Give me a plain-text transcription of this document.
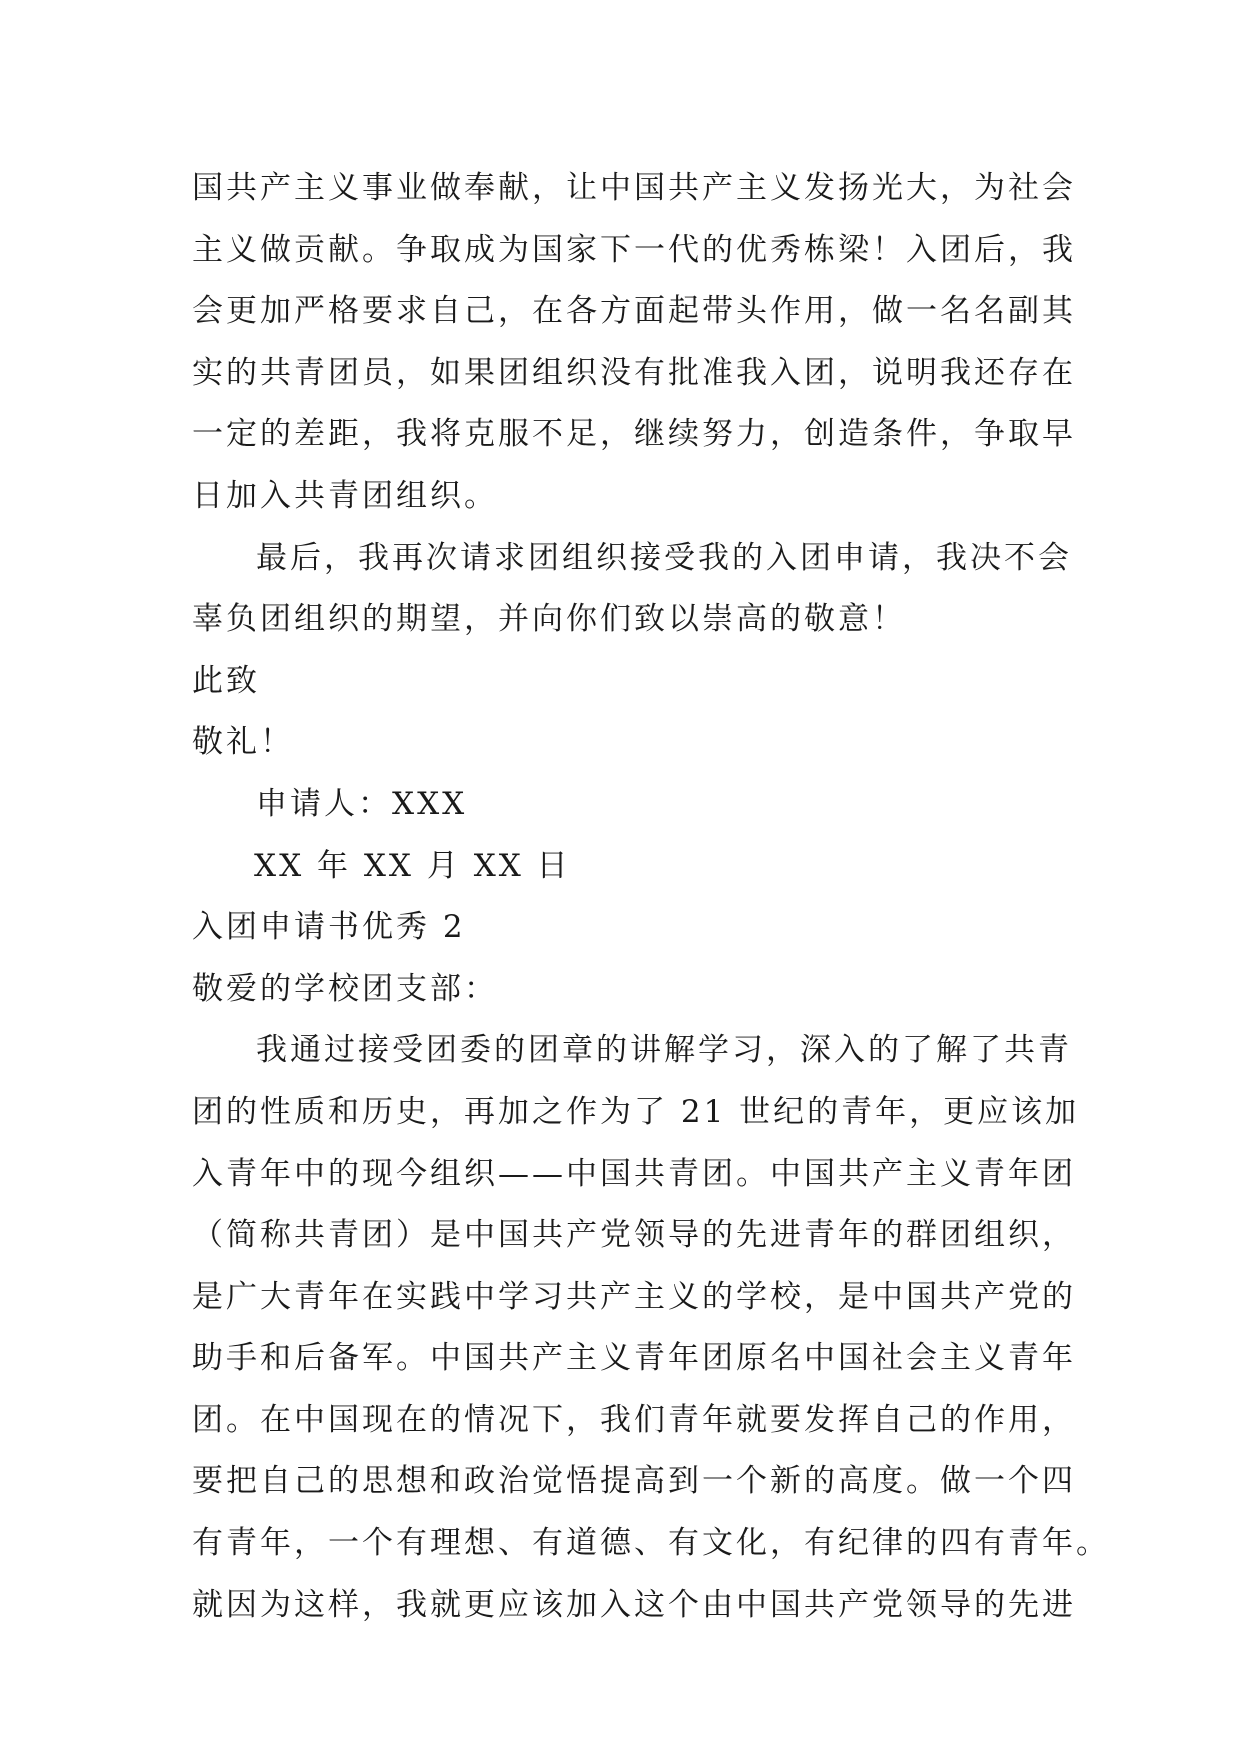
国共产主义事业做奉献，让中国共产主义发扬光大，为社会
主义做贡献。争取成为国家下一代的优秀栋梁！入团后，我
会更加严格要求自己，在各方面起带头作用，做一名名副其
实的共青团员，如果团组织没有批准我入团，说明我还存在
一定的差距，我将克服不足，继续努力，创造条件，争取早
日加入共青团组织。
最后，我再次请求团组织接受我的入团申请，我决不会
辜负团组织的期望，并向你们致以崇高的敬意！
此致
敬礼！
申请人：XXX
XX 年 XX 月 XX 日
入团申请书优秀 2
敬爱的学校团支部：
我通过接受团委的团章的讲解学习，深入的了解了共青
团的性质和历史，再加之作为了 21 世纪的青年，更应该加
入青年中的现今组织——中国共青团。中国共产主义青年团
（简称共青团）是中国共产党领导的先进青年的群团组织，
是广大青年在实践中学习共产主义的学校，是中国共产党的
助手和后备军。中国共产主义青年团原名中国社会主义青年
团。在中国现在的情况下，我们青年就要发挥自己的作用，
要把自己的思想和政治觉悟提高到一个新的高度。做一个四
有青年，一个有理想、有道德、有文化，有纪律的四有青年。
就因为这样，我就更应该加入这个由中国共产党领导的先进
